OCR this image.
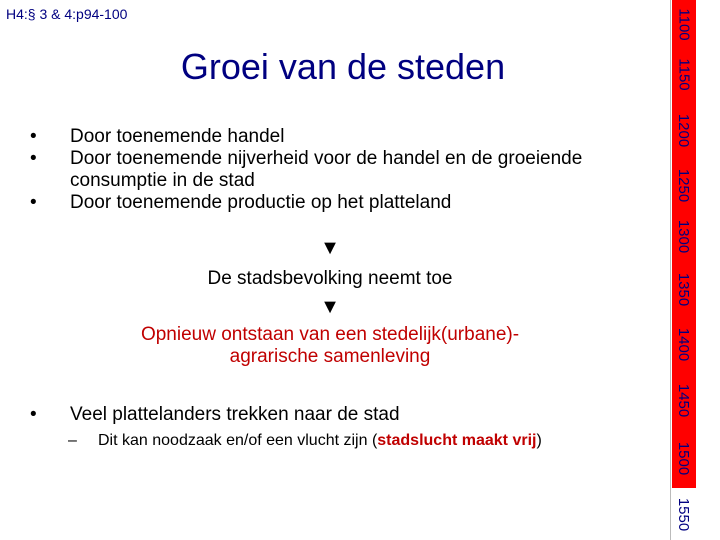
H4:§ 3 & 4:p94-100
Groei van de steden
•	Door toenemende handel
•	Door toenemende nijverheid voor de handel en de groeiende consumptie in de stad
•	Door toenemende productie op het platteland
▼
De stadsbevolking neemt toe
▼
Opnieuw ontstaan van een stedelijk(urbane)-
agrarische samenleving
•	Veel plattelanders trekken naar de stad
–	Dit kan noodzaak en/of een vlucht zijn (stadslucht maakt vrij)
1100
1150
1200
1250
1300
1350
1400
1450
1500
1550
